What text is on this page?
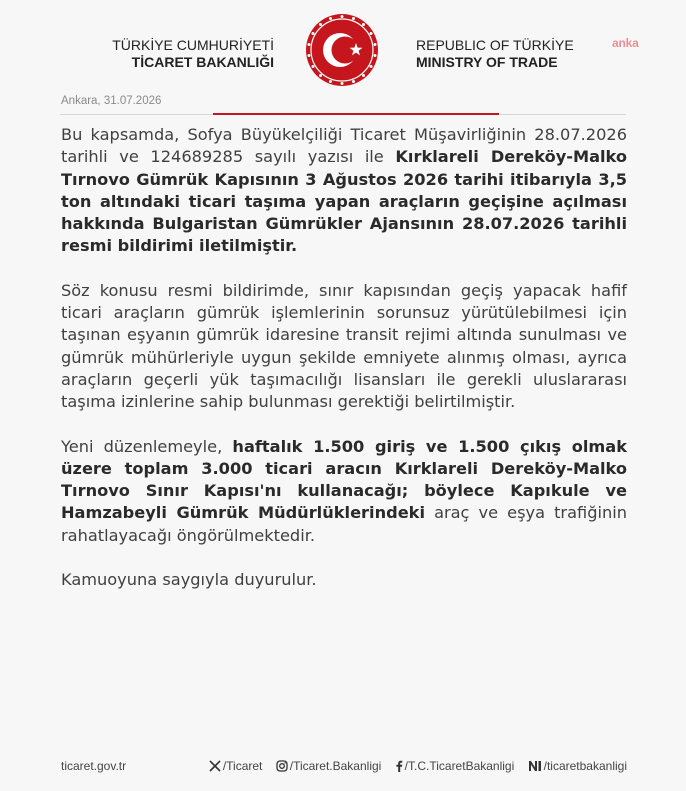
TÜRKİYE CUMHURİYETİ
TİCARET BAKANLIĞI
REPUBLIC OF TÜRKİYE
MINISTRY OF TRADE
anka
Ankara, 31.07.2026

Bu kapsamda, Sofya Büyükelçiliği Ticaret Müşavirliğinin 28.07.2026 tarihli ve 124689285 sayılı yazısı ile Kırklareli Dereköy-Malko Tırnovo Gümrük Kapısının 3 Ağustos 2026 tarihi itibarıyla 3,5 ton altındaki ticari taşıma yapan araçların geçişine açılması hakkında Bulgaristan Gümrükler Ajansının 28.07.2026 tarihli resmi bildirimi iletilmiştir.

Söz konusu resmi bildirimde, sınır kapısından geçiş yapacak hafif ticari araçların gümrük işlemlerinin sorunsuz yürütülebilmesi için taşınan eşyanın gümrük idaresine transit rejimi altında sunulması ve gümrük mühürleriyle uygun şekilde emniyete alınmış olması, ayrıca araçların geçerli yük taşımacılığı lisansları ile gerekli uluslararası taşıma izinlerine sahip bulunması gerektiği belirtilmiştir.

Yeni düzenlemeyle, haftalık 1.500 giriş ve 1.500 çıkış olmak üzere toplam 3.000 ticari aracın Kırklareli Dereköy-Malko Tırnovo Sınır Kapısı'nı kullanacağı; böylece Kapıkule ve Hamzabeyli Gümrük Müdürlüklerindeki araç ve eşya trafiğinin rahatlayacağı öngörülmektedir.

Kamuoyuna saygıyla duyurulur.

ticaret.gov.tr	/Ticaret
/Ticaret.Bakanligi
/T.C.TicaretBakanligi
/ticaretbakanligi
